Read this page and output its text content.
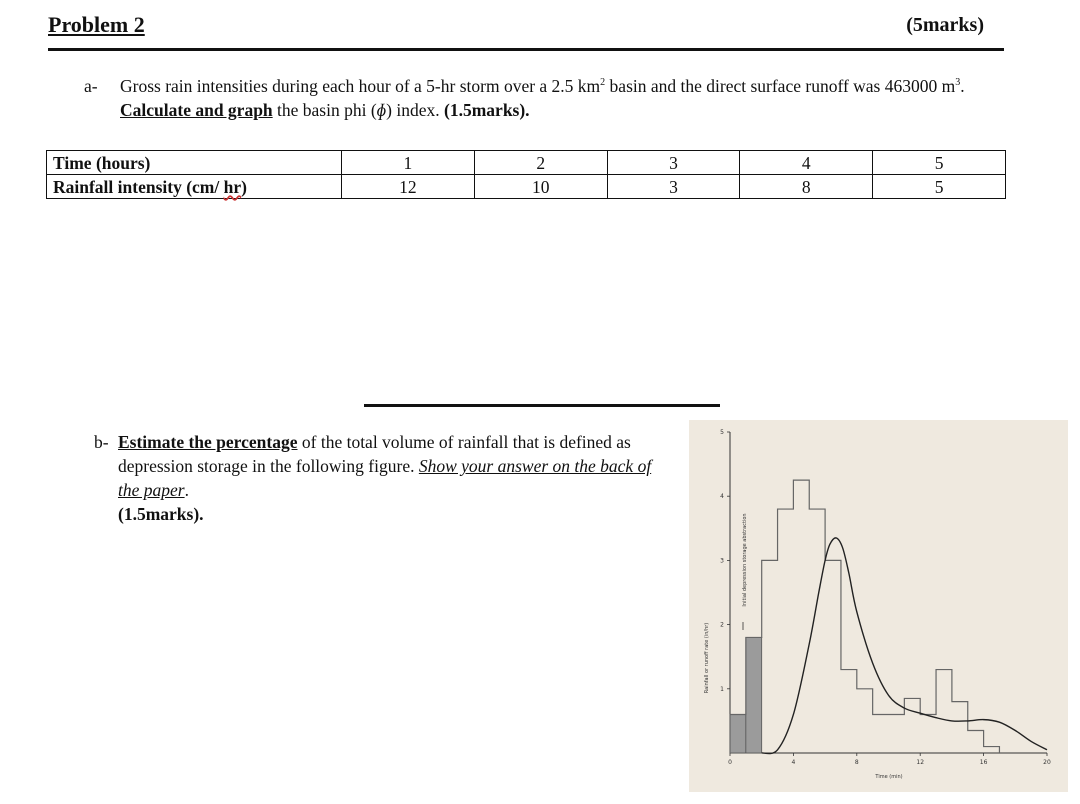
Problem 2	(5marks)
a- Gross rain intensities during each hour of a 5-hr storm over a 2.5 $km^2$ basin and the direct surface runoff was 463000 $m^3$. Calculate and graph the basin phi (ɸ) index. (1.5marks).
Time (hours)	1	2	3	4	5
Rainfall intensity (cm/ hr)	12	10	3	8	5
b- Estimate the percentage of the total volume of rainfall that is defined as depression storage in the following figure. Show your answer on the back of the paper.
(1.5marks).
1
2
3
4
5
0	4	8	12	16	20
Rainfall or runoff rate (in/hr)
Initial depression storage abstraction
Time (min)
